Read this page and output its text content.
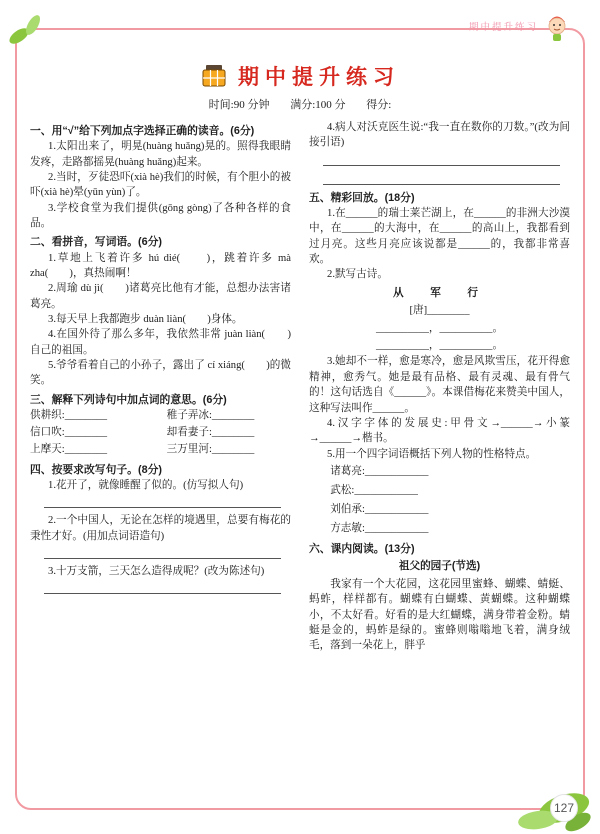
期中提升练习
期中提升练习
时间:90 分钟 满分:100 分 得分:

一、用“√”给下列加点字选择正确的读音。(6分)

1.太阳出来了，明晃(huàng huǎng)晃的。照得我眼睛发疼，走路都摇晃(huàng huǎng)起来。

2.当时，歹徒恐吓(xià hè)我们的时候，有个胆小的被吓(xià hè)晕(yūn yùn)了。

3.学校食堂为我们提供(gōng gòng)了各种各样的食品。

二、看拼音，写词语。(6分)

1.草地上飞着许多 hú dié(　　)，跳着许多 mà zha(　　)，真热闹啊！

2.周瑜 dù jì(　　)诸葛亮比他有才能，总想办法害诸葛亮。

3.每天早上我都跑步 duàn liàn(　　)身体。

4.在国外待了那么多年，我依然非常 juàn liàn(　　)自己的祖国。

5.爷爷看着自己的小孙子，露出了 cí xiáng(　　)的微笑。

三、解释下列诗句中加点词的意思。(6分)

供耕织:________	稚子弄冰:________
信口吹:________	却看妻子:________
上摩天:________	三万里河:________

四、按要求改写句子。(8分)

1.花开了，就像睡醒了似的。(仿写拟人句)

2.一个中国人，无论在怎样的境遇里，总要有梅花的秉性才好。(用加点词语造句)

3.十万支箭，三天怎么造得成呢？(改为陈述句)

4.病人对沃克医生说:“我一直在数你的刀数。”(改为间接引语)

五、精彩回放。(18分)

1.在______的瑞士莱芒湖上，在______的非洲大沙漠中，在______的大海中，在______的高山上，我都看到过月亮。这些月亮应该说都是______的，我都非常喜欢。

2.默写古诗。

从　军　行

[唐]________

__________，__________。

__________，__________。

3.她却不一样，愈是寒冷，愈是风欺雪压，花开得愈精神，愈秀气。她是最有品格、最有灵魂、最有骨气的！这句话选自《______》。本课借梅花来赞美中国人，这种写法叫作______。

4.汉字字体的发展史:甲骨文→______→小篆→______→楷书。

5.用一个四字词语概括下列人物的性格特点。

诸葛亮:____________

武松:____________

刘伯承:____________

方志敏:____________

六、课内阅读。(13分)

祖父的园子(节选)

我家有一个大花园，这花园里蜜蜂、蝴蝶、蜻蜓、蚂蚱，样样都有。蝴蝶有白蝴蝶、黄蝴蝶。这种蝴蝶小，不太好看。好看的是大红蝴蝶，满身带着金粉。蜻蜓是金的，蚂蚱是绿的。蜜蜂则嗡嗡地飞着，满身绒毛，落到一朵花上，胖乎

127
